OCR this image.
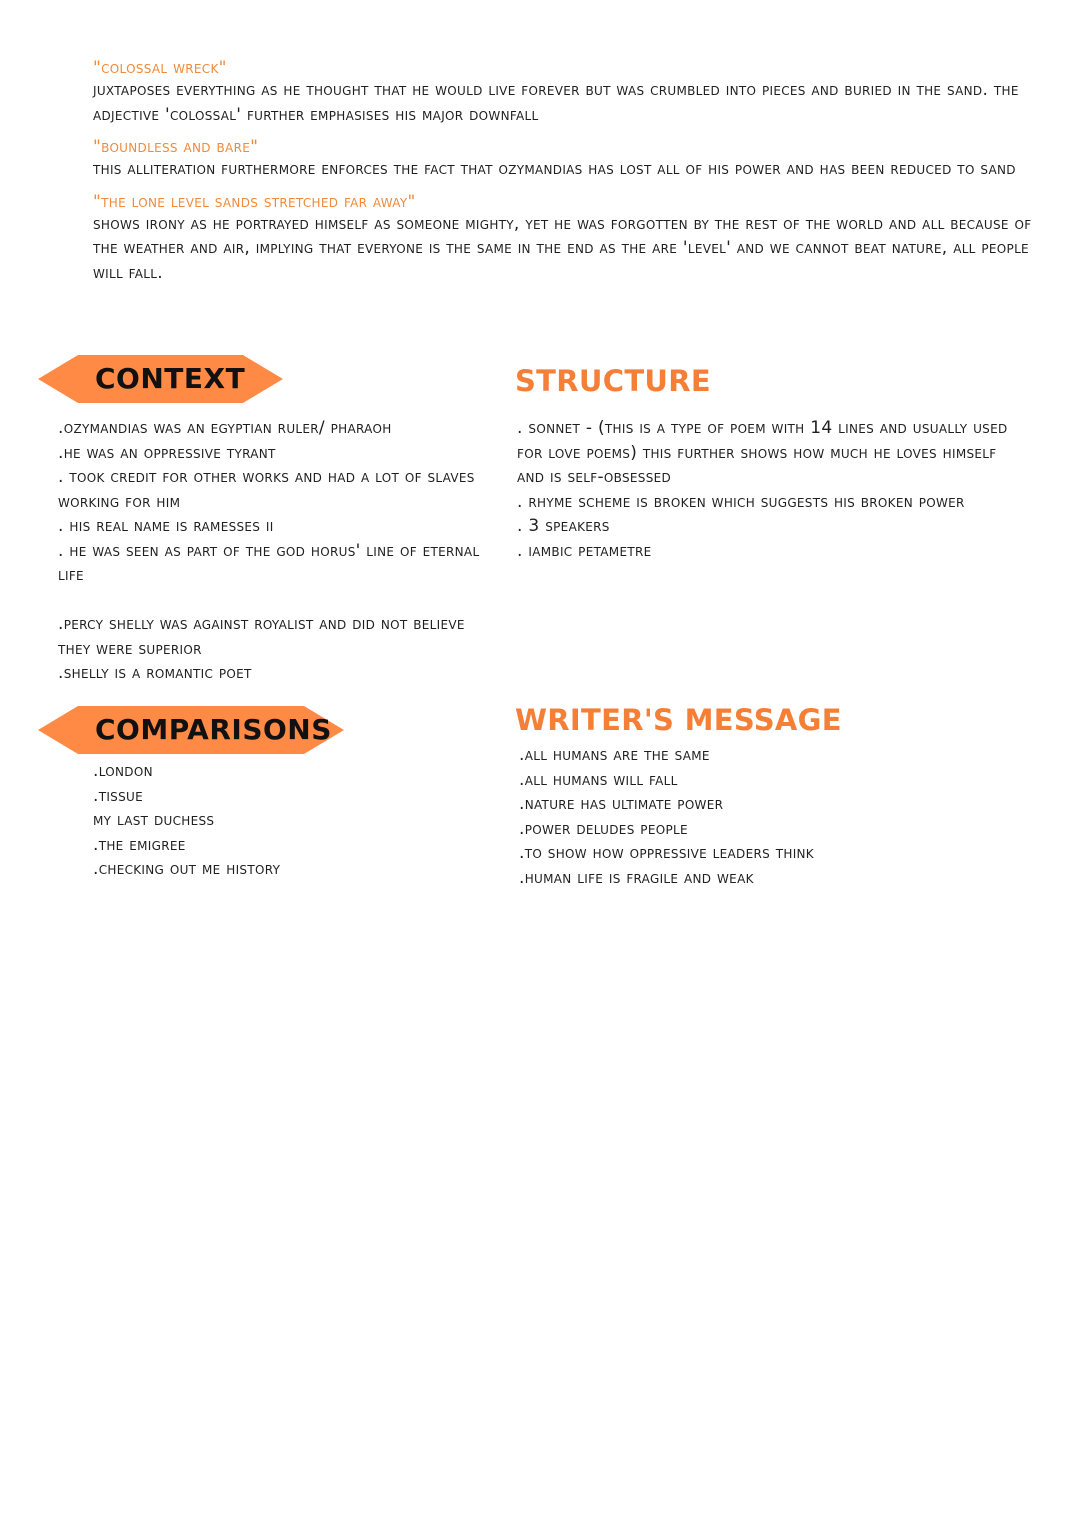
"colossal wreck"
juxtaposes everything as he thought that he would live forever but was crumbled into pieces and buried in the sand. the adjective 'colossal' further emphasises his major downfall
"boundless and bare"
this alliteration furthermore enforces the fact that ozymandias has lost all of his power and has been reduced to sand
"the lone level sands stretched far away"
shows irony as he portrayed himself as someone mighty, yet he was forgotten by the rest of the world and all because of the weather and air, implying that everyone is the same in the end as the are 'level' and we cannot beat nature, all people will fall.
CONTEXT	STRUCTURE
.ozymandias was an egyptian ruler/ pharaoh
.he was an oppressive tyrant
. took credit for other works and had a lot of slaves working for him
. his real name is ramesses ii
. he was seen as part of the god horus' line of eternal life
.percy shelly was against royalist and did not believe they were superior
.shelly is a romantic poet
. sonnet - (this is a type of poem with 14 lines and usually used for love poems) this further shows how much he loves himself and is self-obsessed
. rhyme scheme is broken which suggests his broken power
. 3 speakers
. iambic petametre
COMPARISONS	WRITER'S MESSAGE
.london
.tissue
my last duchess
.the emigree
.checking out me history
.all humans are the same
.all humans will fall
.nature has ultimate power
.power deludes people
.to show how oppressive leaders think
.human life is fragile and weak
